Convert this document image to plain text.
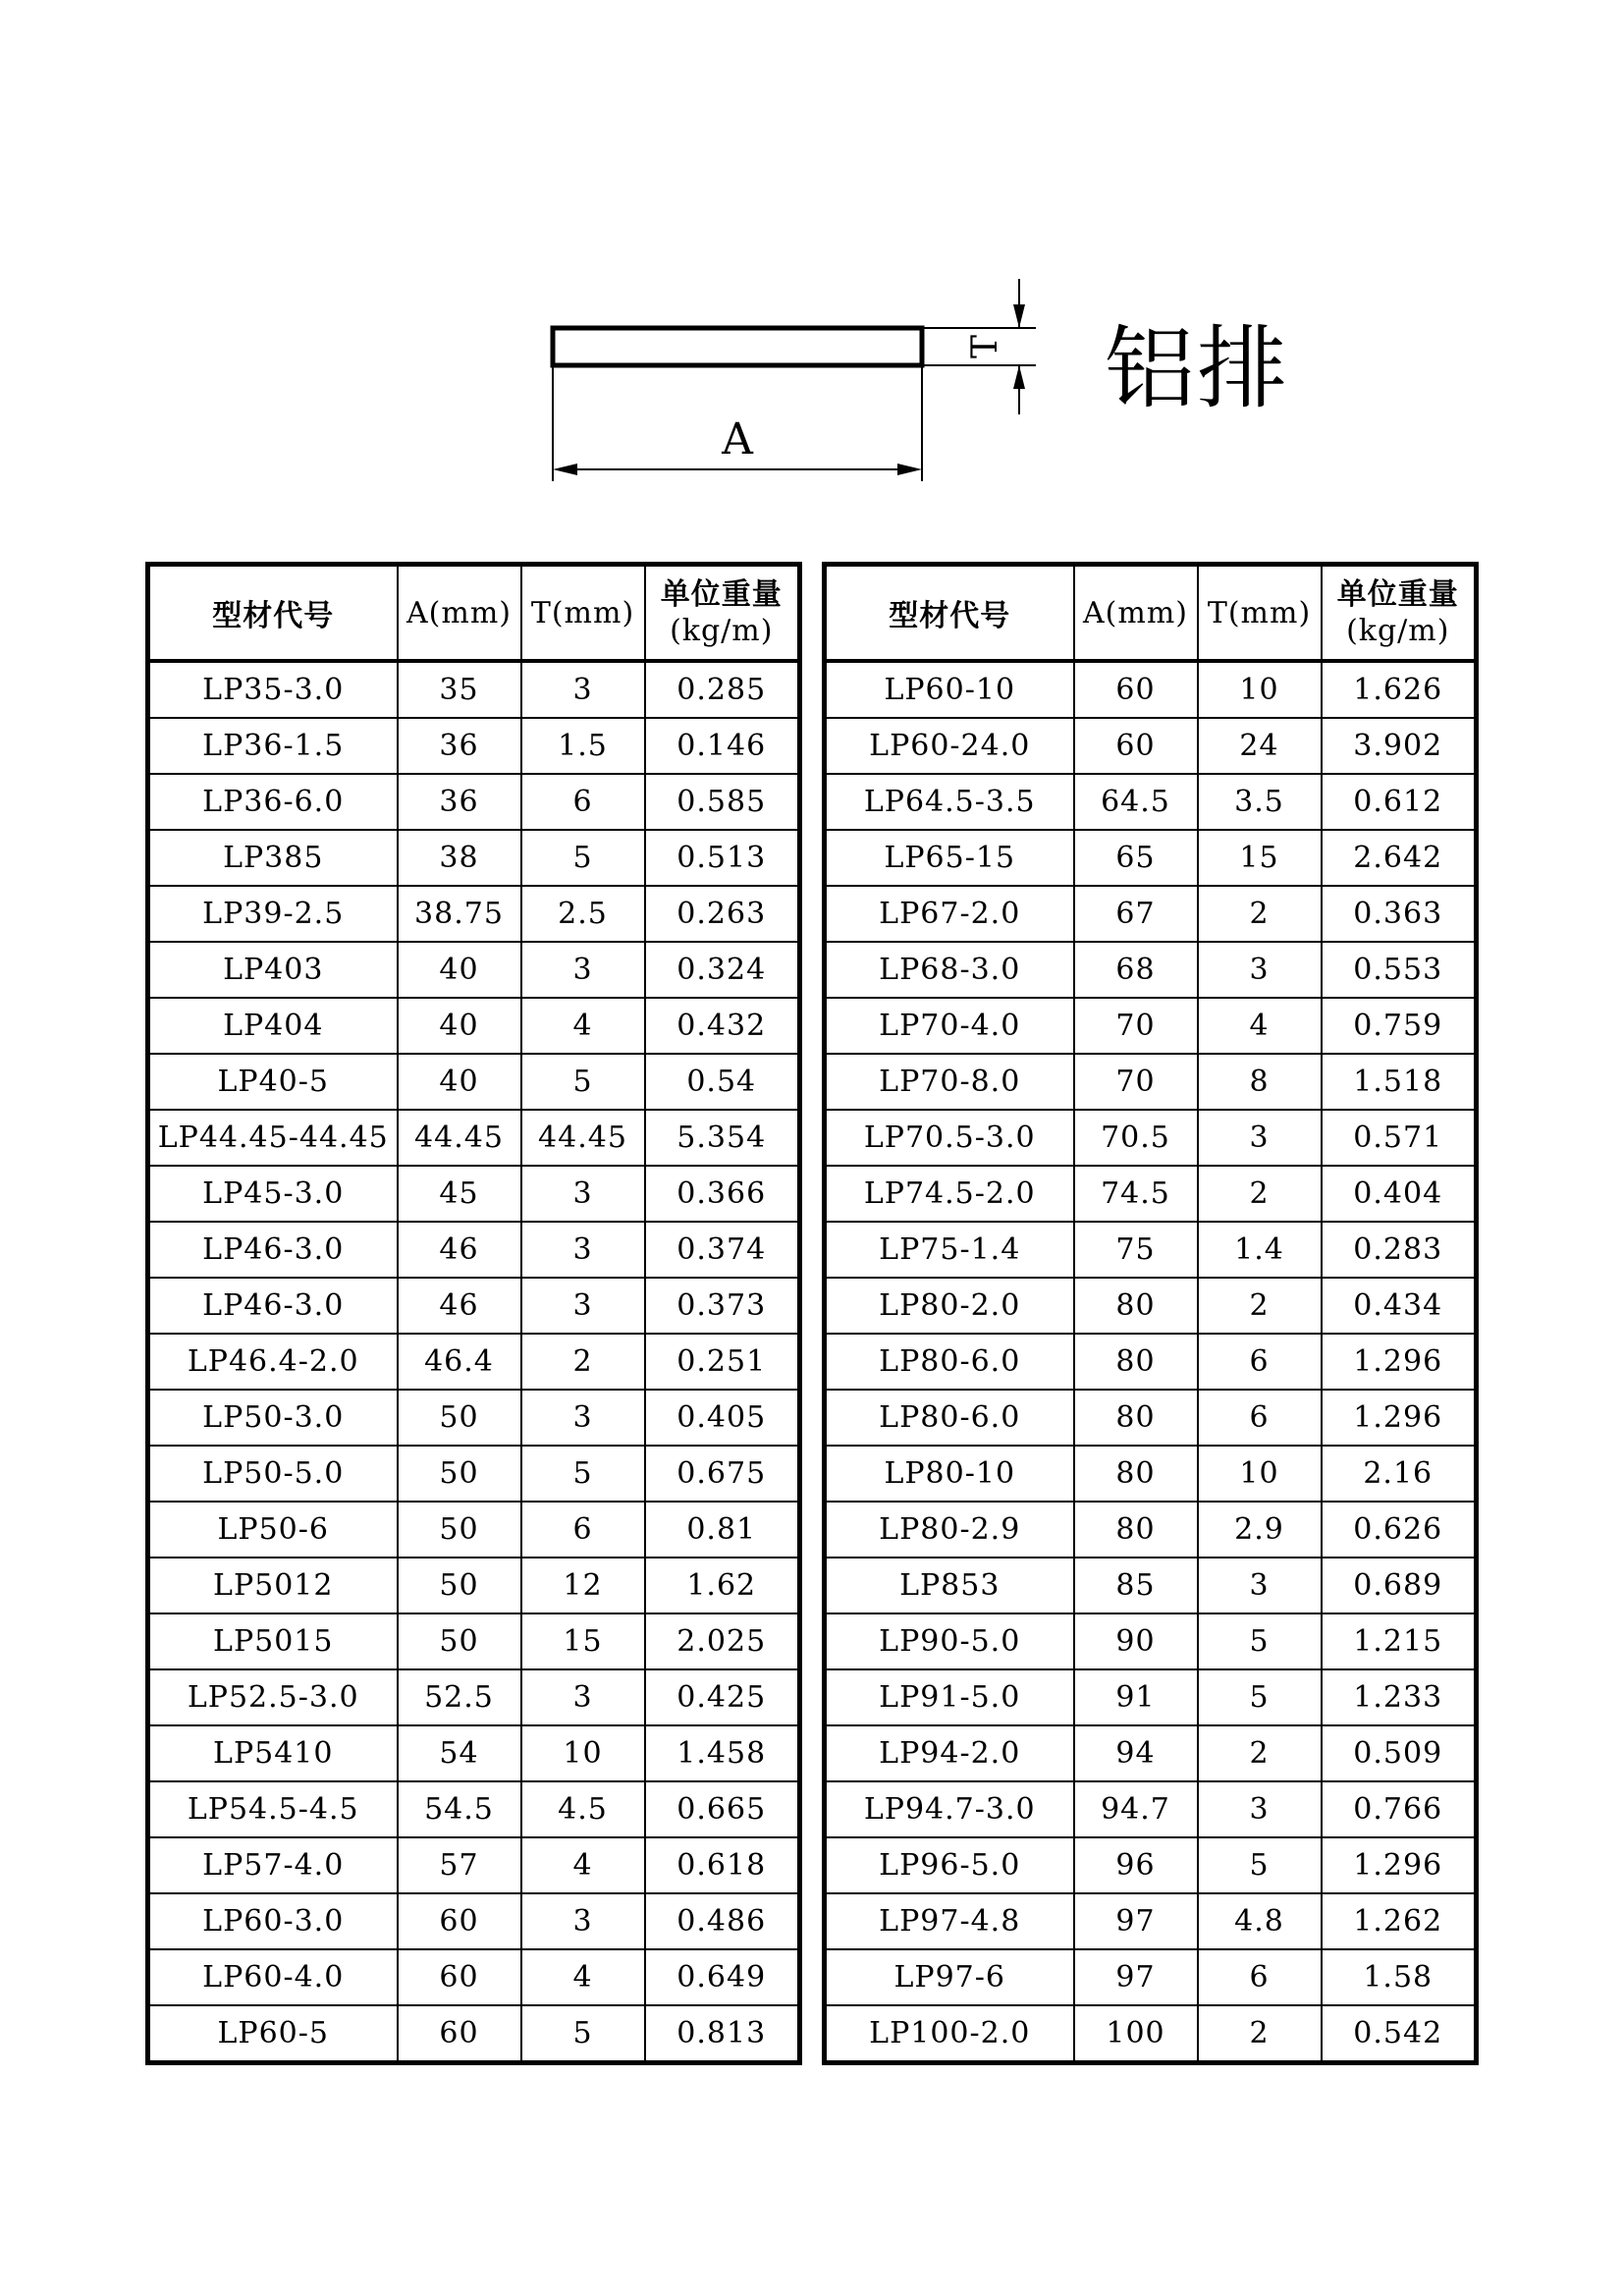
A
T 铝排
型材代号	A(mm)	T(mm)	单位重量
(kg/m)

LP35-3.0	35	3	0.285
LP36-1.5	36	1.5	0.146
LP36-6.0	36	6	0.585
LP385	38	5	0.513
LP39-2.5	38.75	2.5	0.263
LP403	40	3	0.324
LP404	40	4	0.432
LP40-5	40	5	0.54
LP44.45-44.45	44.45	44.45	5.354
LP45-3.0	45	3	0.366
LP46-3.0	46	3	0.374
LP46-3.0	46	3	0.373
LP46.4-2.0	46.4	2	0.251
LP50-3.0	50	3	0.405
LP50-5.0	50	5	0.675
LP50-6	50	6	0.81
LP5012	50	12	1.62
LP5015	50	15	2.025
LP52.5-3.0	52.5	3	0.425
LP5410	54	10	1.458
LP54.5-4.5	54.5	4.5	0.665
LP57-4.0	57	4	0.618
LP60-3.0	60	3	0.486
LP60-4.0	60	4	0.649
LP60-5	60	5	0.813
型材代号	A(mm)	T(mm)	单位重量
(kg/m)

LP60-10	60	10	1.626
LP60-24.0	60	24	3.902
LP64.5-3.5	64.5	3.5	0.612
LP65-15	65	15	2.642
LP67-2.0	67	2	0.363
LP68-3.0	68	3	0.553
LP70-4.0	70	4	0.759
LP70-8.0	70	8	1.518
LP70.5-3.0	70.5	3	0.571
LP74.5-2.0	74.5	2	0.404
LP75-1.4	75	1.4	0.283
LP80-2.0	80	2	0.434
LP80-6.0	80	6	1.296
LP80-6.0	80	6	1.296
LP80-10	80	10	2.16
LP80-2.9	80	2.9	0.626
LP853	85	3	0.689
LP90-5.0	90	5	1.215
LP91-5.0	91	5	1.233
LP94-2.0	94	2	0.509
LP94.7-3.0	94.7	3	0.766
LP96-5.0	96	5	1.296
LP97-4.8	97	4.8	1.262
LP97-6	97	6	1.58
LP100-2.0	100	2	0.542
